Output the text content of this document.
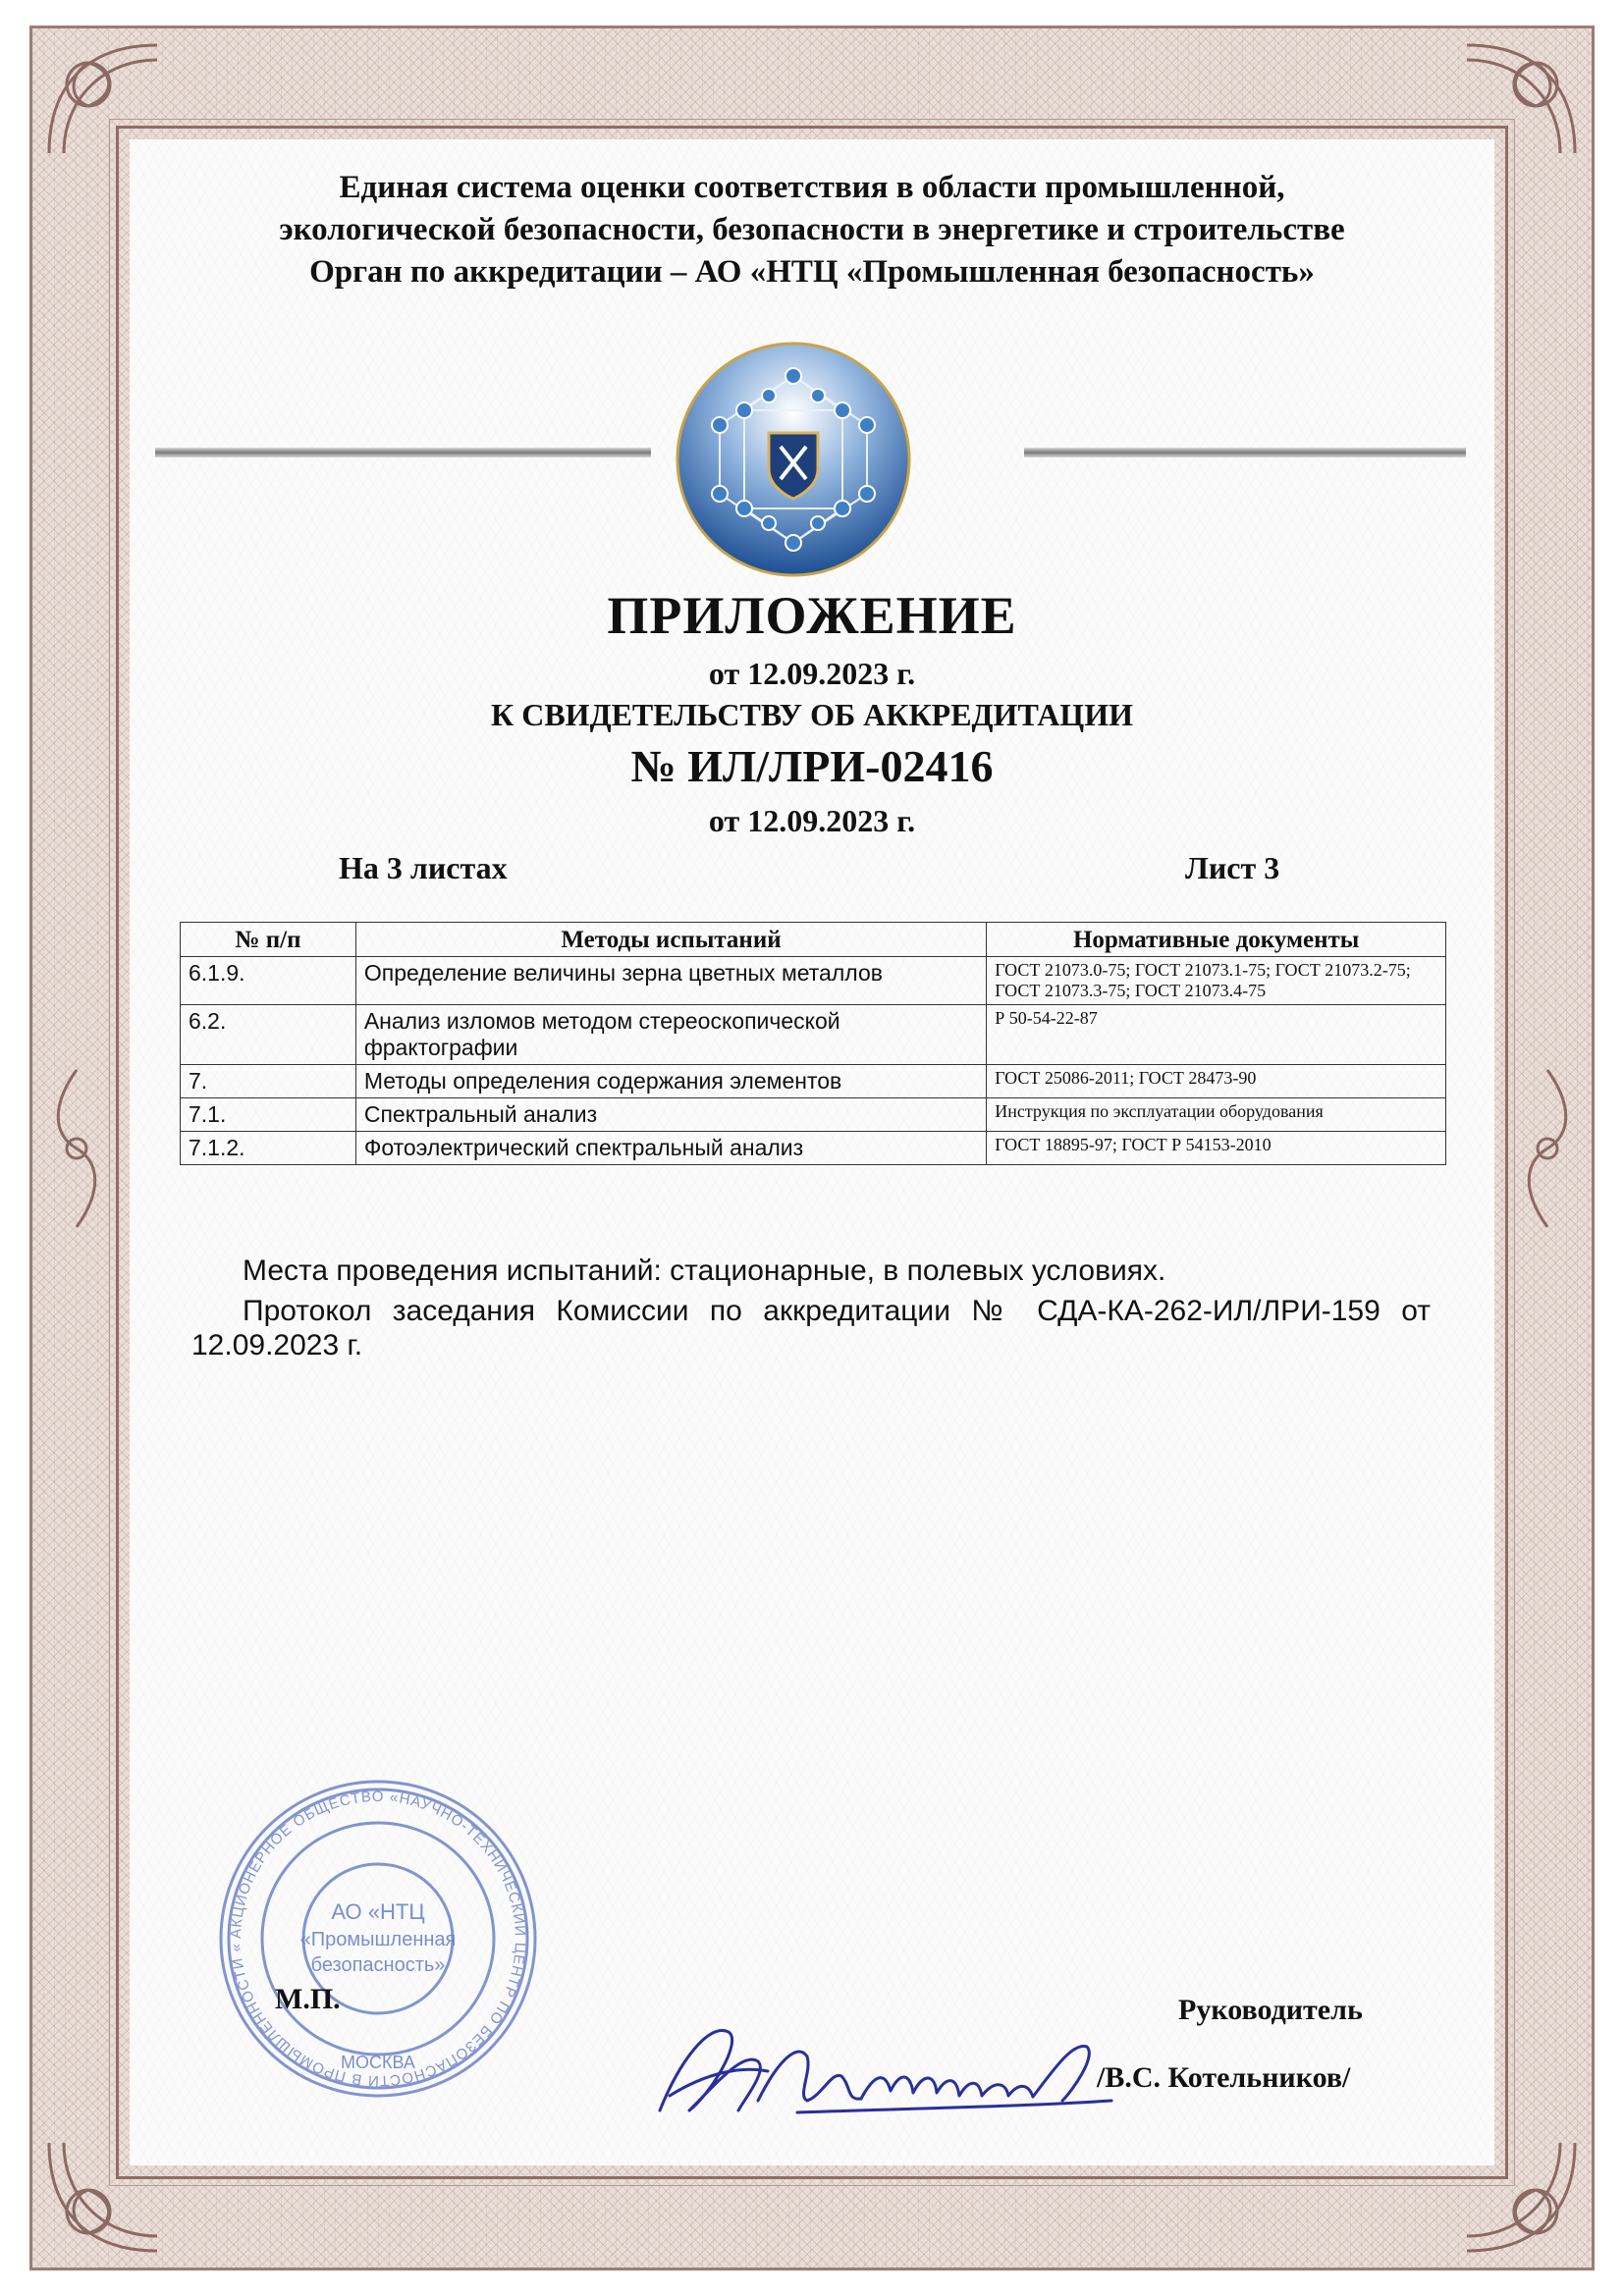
Единая система оценки соответствия в области промышленной,
экологической безопасности, безопасности в энергетике и строительстве
Орган по аккредитации – АО «НТЦ «Промышленная безопасность»
ПРИЛОЖЕНИЕ
от 12.09.2023 г.
К СВИДЕТЕЛЬСТВУ ОБ АККРЕДИТАЦИИ
№ ИЛ/ЛРИ-02416
от 12.09.2023 г.
На 3 листах	Лист 3
№ п/п	Методы испытаний	Нормативные документы
6.1.9.	Определение величины зерна цветных металлов	ГОСТ 21073.0-75; ГОСТ 21073.1-75; ГОСТ 21073.2-75; ГОСТ 21073.3-75; ГОСТ 21073.4-75
6.2.	Анализ изломов методом стереоскопической фрактографии	Р 50-54-22-87
7.	Методы определения содержания элементов	ГОСТ 25086-2011; ГОСТ 28473-90
7.1.	Спектральный анализ	Инструкция по эксплуатации оборудования
7.1.2.	Фотоэлектрический спектральный анализ	ГОСТ 18895-97; ГОСТ Р 54153-2010
Места проведения испытаний: стационарные, в полевых условиях.
Протокол заседания Комиссии по аккредитации № СДА-КА-262-ИЛ/ЛРИ-159 от 12.09.2023 г.
АКЦИОНЕРНОЕ ОБЩЕСТВО «НАУЧНО-ТЕХНИЧЕСКИЙ ЦЕНТР ПО БЕЗОПАСНОСТИ В ПРОМЫШЛЕННОСТИ «
АО «НТЦ
«Промышленная
безопасность»
МОСКВА
М.П.	Руководитель
/В.С. Котельников/
